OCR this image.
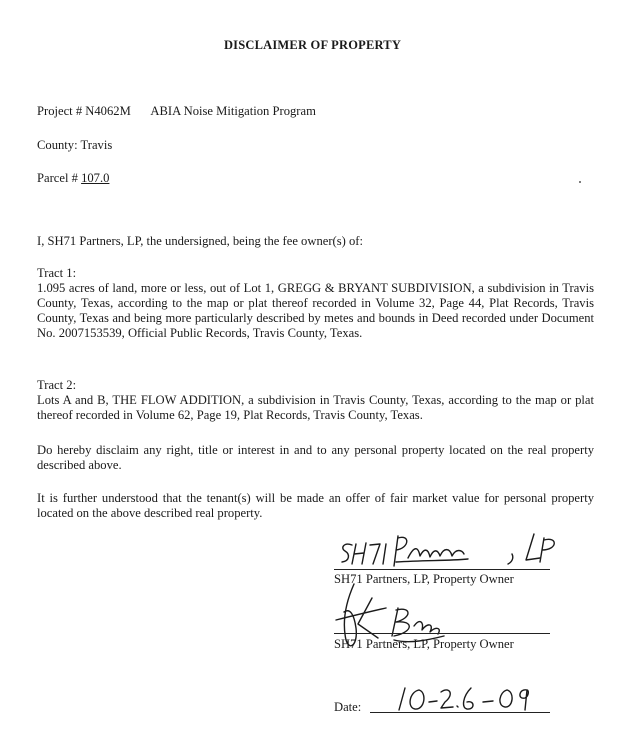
DISCLAIMER OF PROPERTY
Project # N4062M ABIA Noise Mitigation Program
County: Travis
Parcel # 107.0

I, SH71 Partners, LP, the undersigned, being the fee owner(s) of:

Tract 1:

1.095 acres of land, more or less, out of Lot 1, GREGG & BRYANT SUBDIVISION, a subdivision in Travis County, Texas, according to the map or plat thereof recorded in Volume 32, Page 44, Plat Records, Travis County, Texas and being more particularly described by metes and bounds in Deed recorded under Document No. 2007153539, Official Public Records, Travis County, Texas.

Tract 2:

Lots A and B, THE FLOW ADDITION, a subdivision in Travis County, Texas, according to the map or plat thereof recorded in Volume 62, Page 19, Plat Records, Travis County, Texas.

Do hereby disclaim any right, title or interest in and to any personal property located on the real property described above.

It is further understood that the tenant(s) will be made an offer of fair market value for personal property located on the above described real property.

SH71 Partners, LP, Property Owner
SH71 Partners, LP, Property Owner
Date:
